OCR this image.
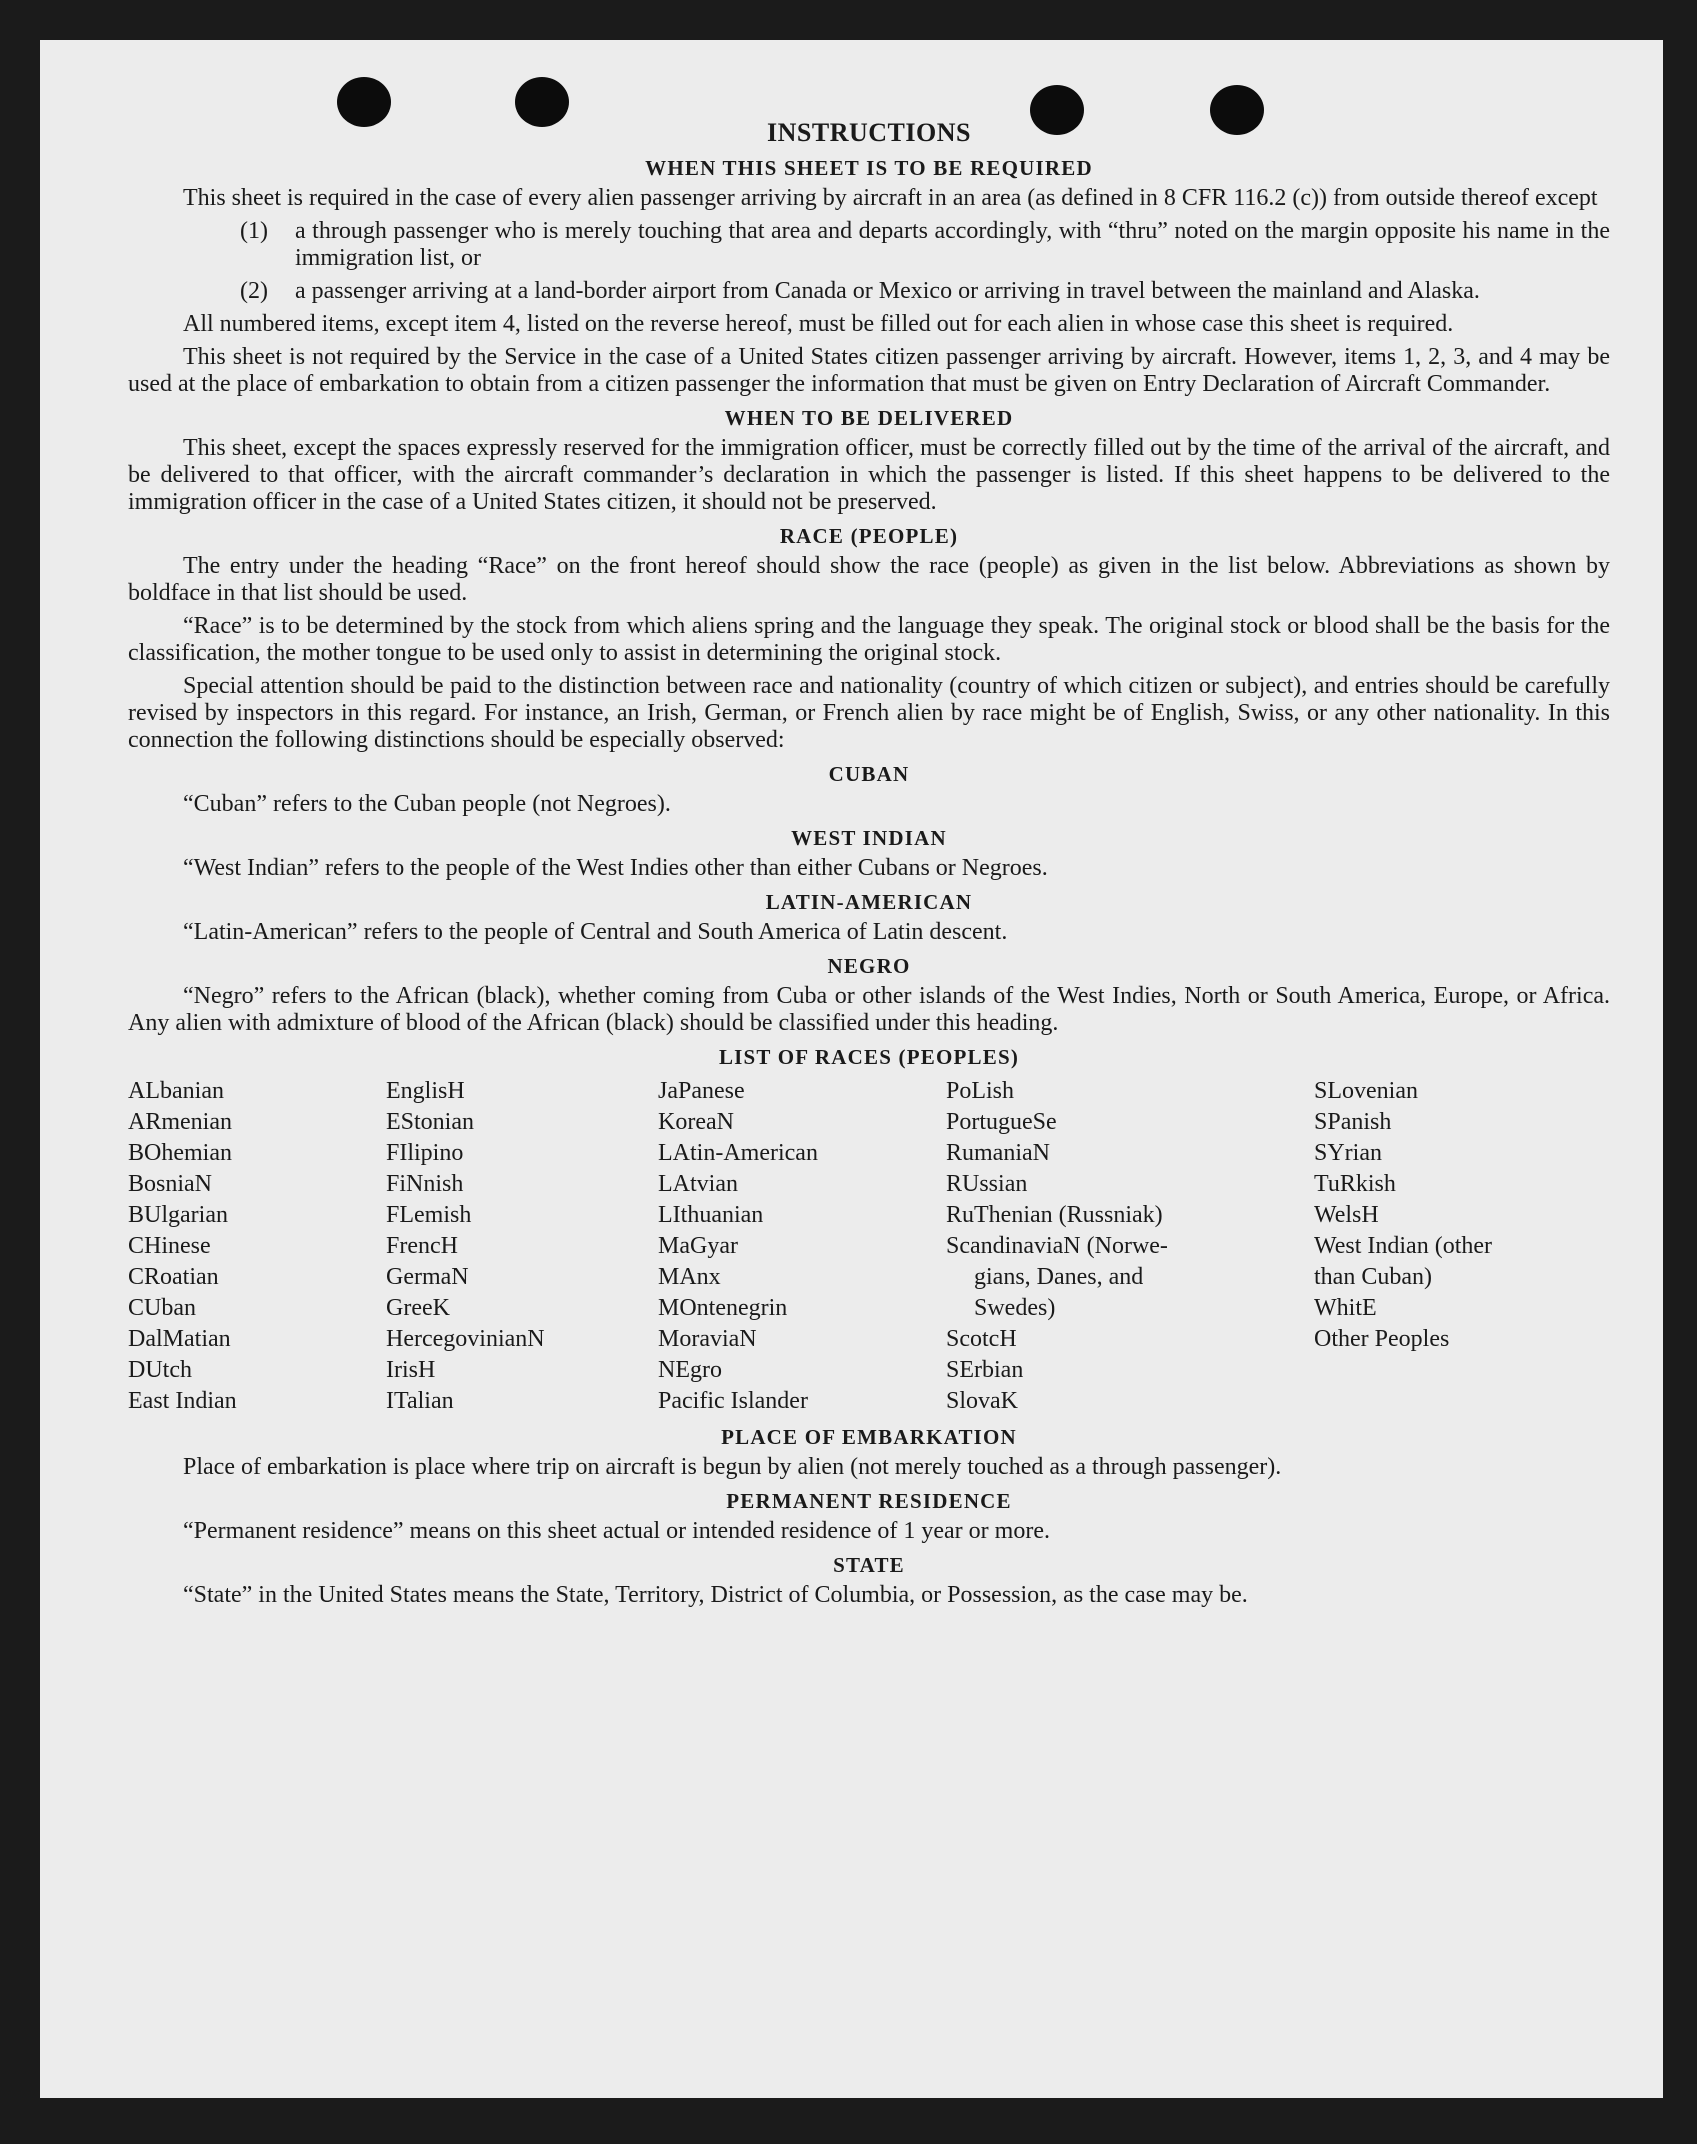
INSTRUCTIONS
WHEN THIS SHEET IS TO BE REQUIRED

This sheet is required in the case of every alien passenger arriving by aircraft in an area (as defined in 8 CFR 116.2 (c)) from outside thereof except

(1)	a through passenger who is merely touching that area and departs accordingly, with “thru” noted on the margin opposite his name in the immigration list, or
(2)	a passenger arriving at a land-border airport from Canada or Mexico or arriving in travel between the mainland and Alaska.

All numbered items, except item 4, listed on the reverse hereof, must be filled out for each alien in whose case this sheet is required.

This sheet is not required by the Service in the case of a United States citizen passenger arriving by aircraft. However, items 1, 2, 3, and 4 may be used at the place of embarkation to obtain from a citizen passenger the information that must be given on Entry Declaration of Aircraft Commander.

WHEN TO BE DELIVERED

This sheet, except the spaces expressly reserved for the immigration officer, must be correctly filled out by the time of the arrival of the aircraft, and be delivered to that officer, with the aircraft commander’s declaration in which the passenger is listed. If this sheet happens to be delivered to the immigration officer in the case of a United States citizen, it should not be preserved.

RACE (PEOPLE)

The entry under the heading “Race” on the front hereof should show the race (people) as given in the list below. Abbreviations as shown by boldface in that list should be used.

“Race” is to be determined by the stock from which aliens spring and the language they speak. The original stock or blood shall be the basis for the classification, the mother tongue to be used only to assist in determining the original stock.

Special attention should be paid to the distinction between race and nationality (country of which citizen or subject), and entries should be carefully revised by inspectors in this regard. For instance, an Irish, German, or French alien by race might be of English, Swiss, or any other nationality. In this connection the following distinctions should be especially observed:

CUBAN

“Cuban” refers to the Cuban people (not Negroes).

WEST INDIAN

“West Indian” refers to the people of the West Indies other than either Cubans or Negroes.

LATIN-AMERICAN

“Latin-American” refers to the people of Central and South America of Latin descent.

NEGRO

“Negro” refers to the African (black), whether coming from Cuba or other islands of the West Indies, North or South America, Europe, or Africa. Any alien with admixture of blood of the African (black) should be classified under this heading.

LIST OF RACES (PEOPLES)
ALbanian
ARmenian
BOhemian
BosniaN
BUlgarian
CHinese
CRoatian
CUban
DalMatian
DUtch
East Indian
EnglisH
EStonian
FIlipino
FiNnish
FLemish
FrencH
GermaN
GreeK
HercegovinianN
IrisH
ITalian
JaPanese
KoreaN
LAtin-American
LAtvian
LIthuanian
MaGyar
MAnx
MOntenegrin
MoraviaN
NEgro
Pacific Islander
PoLish
PortugueSe
RumaniaN
RUssian
RuThenian (Russniak)
ScandinaviaN (Norwe-
gians, Danes, and
Swedes)
ScotcH
SErbian
SlovaK
SLovenian
SPanish
SYrian
TuRkish
WelsH
West Indian (other
than Cuban)
WhitE
Other Peoples
PLACE OF EMBARKATION

Place of embarkation is place where trip on aircraft is begun by alien (not merely touched as a through passenger).

PERMANENT RESIDENCE

“Permanent residence” means on this sheet actual or intended residence of 1 year or more.

STATE

“State” in the United States means the State, Territory, District of Columbia, or Possession, as the case may be.
